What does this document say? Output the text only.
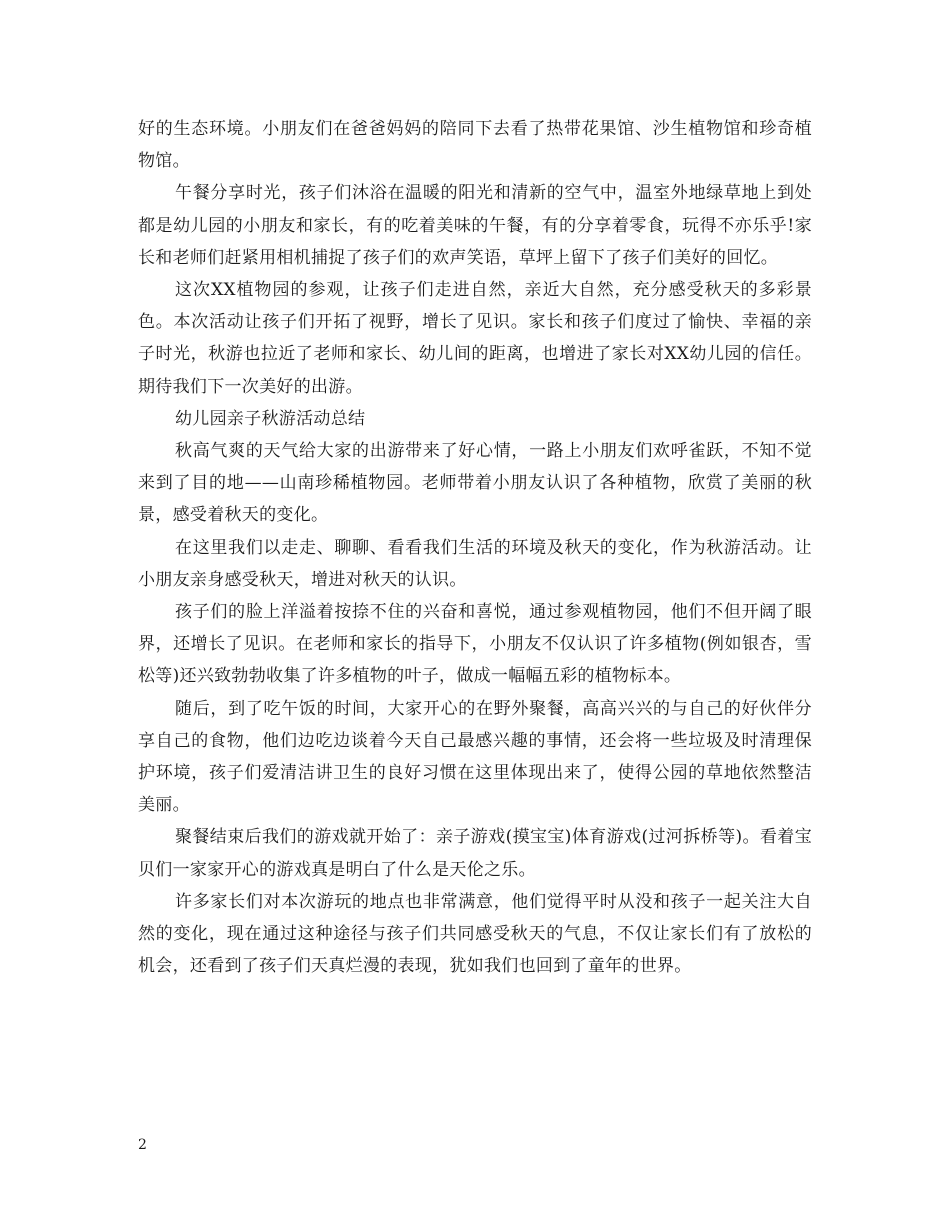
好的生态环境。小朋友们在爸爸妈妈的陪同下去看了热带花果馆、沙生植物馆和珍奇植物馆。

午餐分享时光，孩子们沐浴在温暖的阳光和清新的空气中，温室外地绿草地上到处都是幼儿园的小朋友和家长，有的吃着美味的午餐，有的分享着零食，玩得不亦乐乎!家长和老师们赶紧用相机捕捉了孩子们的欢声笑语，草坪上留下了孩子们美好的回忆。

这次XX植物园的参观，让孩子们走进自然，亲近大自然，充分感受秋天的多彩景色。本次活动让孩子们开拓了视野，增长了见识。家长和孩子们度过了愉快、幸福的亲子时光，秋游也拉近了老师和家长、幼儿间的距离，也增进了家长对XX幼儿园的信任。期待我们下一次美好的出游。

幼儿园亲子秋游活动总结

秋高气爽的天气给大家的出游带来了好心情，一路上小朋友们欢呼雀跃，不知不觉来到了目的地——山南珍稀植物园。老师带着小朋友认识了各种植物，欣赏了美丽的秋景，感受着秋天的变化。

在这里我们以走走、聊聊、看看我们生活的环境及秋天的变化，作为秋游活动。让小朋友亲身感受秋天，增进对秋天的认识。

孩子们的脸上洋溢着按捺不住的兴奋和喜悦，通过参观植物园，他们不但开阔了眼界，还增长了见识。在老师和家长的指导下，小朋友不仅认识了许多植物(例如银杏，雪松等)还兴致勃勃收集了许多植物的叶子，做成一幅幅五彩的植物标本。

随后，到了吃午饭的时间，大家开心的在野外聚餐，高高兴兴的与自己的好伙伴分享自己的食物，他们边吃边谈着今天自己最感兴趣的事情，还会将一些垃圾及时清理保护环境，孩子们爱清洁讲卫生的良好习惯在这里体现出来了，使得公园的草地依然整洁美丽。

聚餐结束后我们的游戏就开始了：亲子游戏(摸宝宝)体育游戏(过河拆桥等)。看着宝贝们一家家开心的游戏真是明白了什么是天伦之乐。

许多家长们对本次游玩的地点也非常满意，他们觉得平时从没和孩子一起关注大自然的变化，现在通过这种途径与孩子们共同感受秋天的气息，不仅让家长们有了放松的机会，还看到了孩子们天真烂漫的表现，犹如我们也回到了童年的世界。

2
